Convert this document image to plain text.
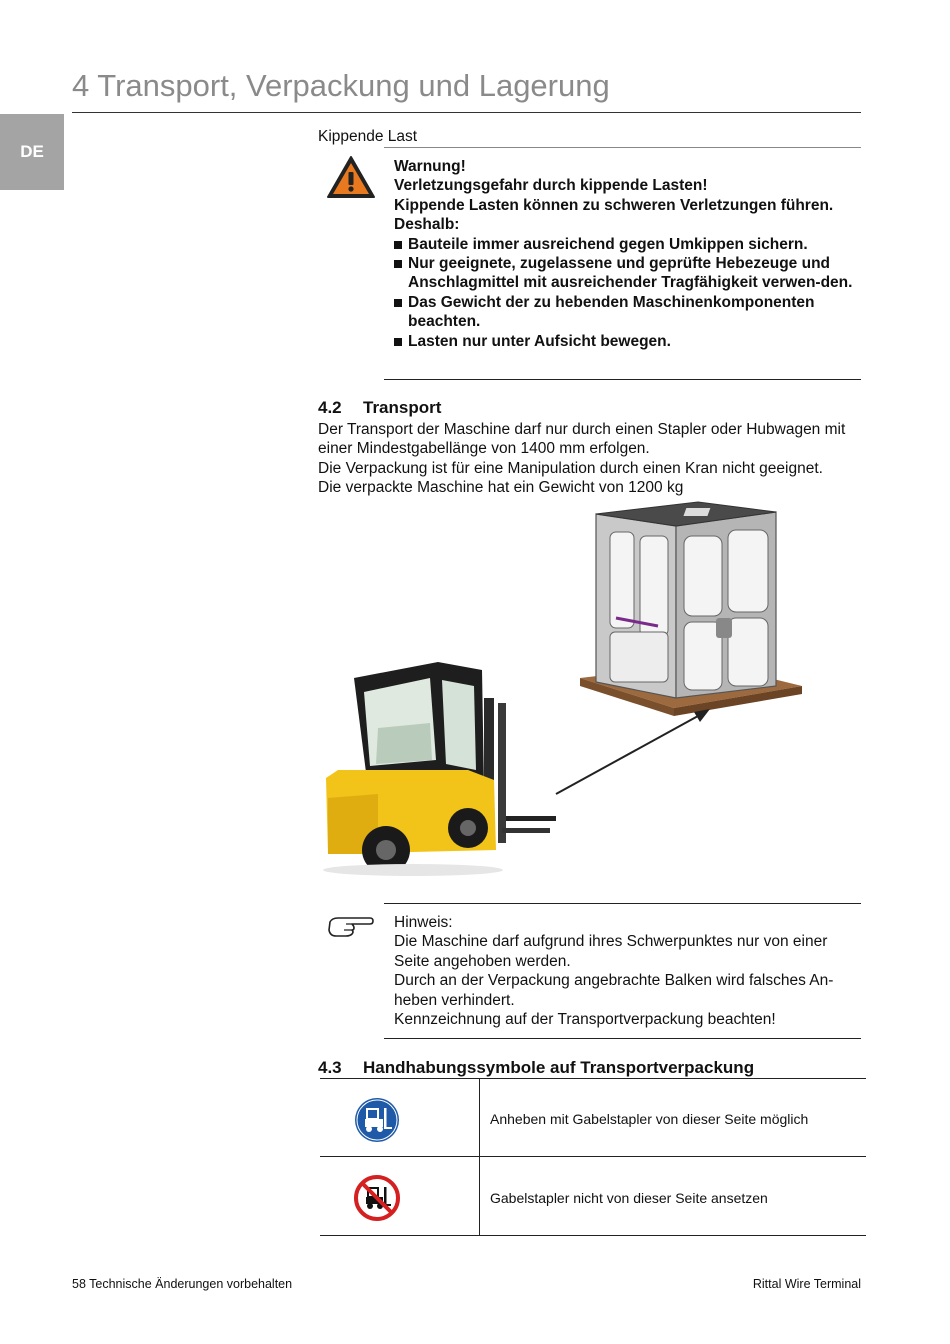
4 Transport, Verpackung und Lagerung
DE
Kippende Last
Warnung!
Verletzungsgefahr durch kippende Lasten!
Kippende Lasten können zu schweren Verletzungen führen.
Deshalb:
Bauteile immer ausreichend gegen Umkippen sichern.
Nur geeignete, zugelassene und geprüfte Hebezeuge und Anschlagmittel mit ausreichender Tragfähigkeit verwen-den.
Das Gewicht der zu hebenden Maschinenkomponenten beachten.
Lasten nur unter Aufsicht bewegen.
4.2 Transport
Der Transport der Maschine darf nur durch einen Stapler oder Hubwagen mit einer Mindestgabellänge von 1400 mm erfolgen.
Die Verpackung ist für eine Manipulation durch einen Kran nicht geeignet.
Die verpackte Maschine hat ein Gewicht von 1200 kg
Hinweis:
Die Maschine darf aufgrund ihres Schwerpunktes nur von einer Seite angehoben werden.
Durch an der Verpackung angebrachte Balken wird falsches An-heben verhindert.
Kennzeichnung auf der Transportverpackung beachten!
4.3 Handhabungssymbole auf Transportverpackung
Anheben mit Gabelstapler von dieser Seite möglich
Gabelstapler nicht von dieser Seite ansetzen
58 Technische Änderungen vorbehalten	Rittal Wire Terminal
